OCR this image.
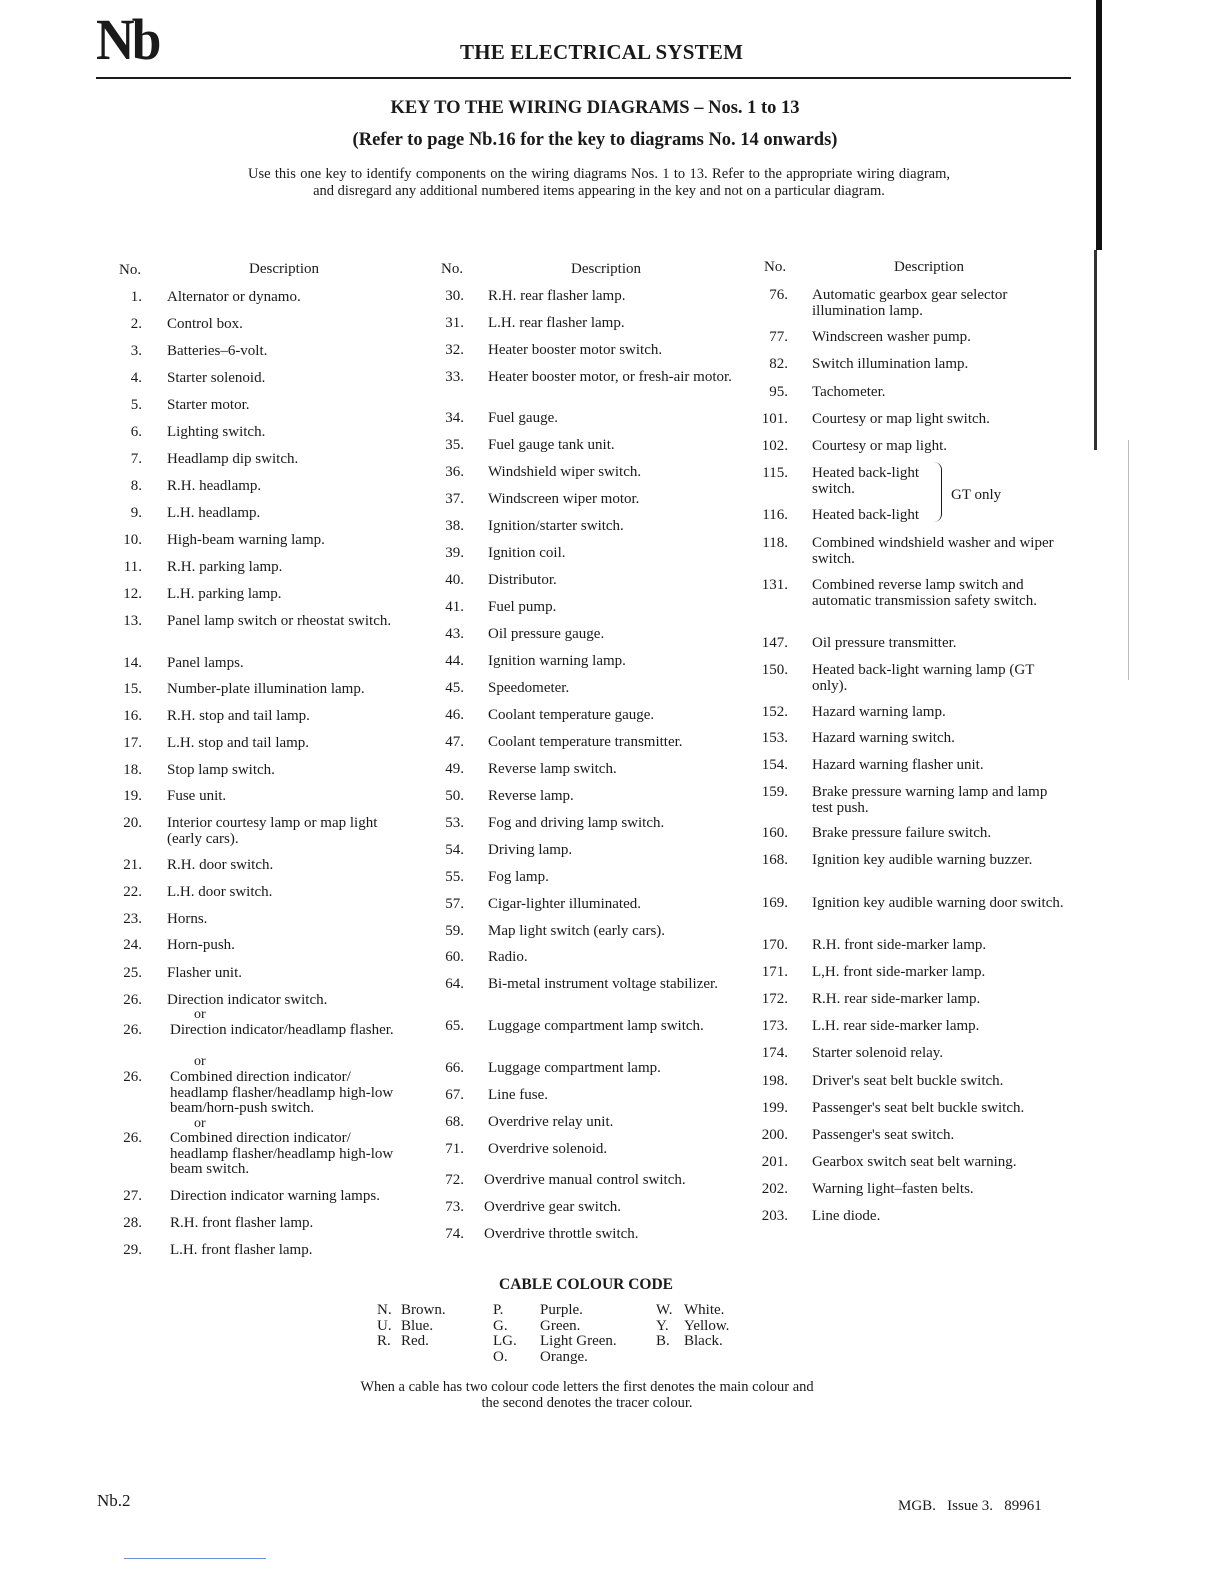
Nb	THE ELECTRICAL SYSTEM
KEY TO THE WIRING DIAGRAMS – Nos. 1 to 13
(Refer to page Nb.16 for the key to diagrams No. 14 onwards)
Use this one key to identify components on the wiring diagrams Nos. 1 to 13. Refer to the appropriate wiring diagram, and disregard any additional numbered items appearing in the key and not on a particular diagram.
No.	Description	No.	Description	No.	Description
1. Alternator or dynamo.
2. Control box.
3. Batteries–6-volt.
4. Starter solenoid.
5. Starter motor.
6. Lighting switch.
7. Headlamp dip switch.
8. R.H. headlamp.
9. L.H. headlamp.
10. High-beam warning lamp.
11. R.H. parking lamp.
12. L.H. parking lamp.
13. Panel lamp switch or rheostat switch.
14. Panel lamps.
15. Number-plate illumination lamp.
16. R.H. stop and tail lamp.
17. L.H. stop and tail lamp.
18. Stop lamp switch.
19. Fuse unit.
20. Interior courtesy lamp or map light (early cars).
21. R.H. door switch.
22. L.H. door switch.
23. Horns.
24. Horn-push.
25. Flasher unit.
26. Direction indicator switch.
26. Direction indicator/headlamp flasher.
26. Combined direction indicator/ headlamp flasher/headlamp high-low beam/horn-push switch.
26. Combined direction indicator/ headlamp flasher/headlamp high-low beam switch.
27. Direction indicator warning lamps.
28. R.H. front flasher lamp.
29. L.H. front flasher lamp.
30. R.H. rear flasher lamp.
31. L.H. rear flasher lamp.
32. Heater booster motor switch.
33. Heater booster motor, or fresh-air motor.
34. Fuel gauge.
35. Fuel gauge tank unit.
36. Windshield wiper switch.
37. Windscreen wiper motor.
38. Ignition/starter switch.
39. Ignition coil.
40. Distributor.
41. Fuel pump.
43. Oil pressure gauge.
44. Ignition warning lamp.
45. Speedometer.
46. Coolant temperature gauge.
47. Coolant temperature transmitter.
49. Reverse lamp switch.
50. Reverse lamp.
53. Fog and driving lamp switch.
54. Driving lamp.
55. Fog lamp.
57. Cigar-lighter illuminated.
59. Map light switch (early cars).
60. Radio.
64. Bi-metal instrument voltage stabilizer.
65. Luggage compartment lamp switch.
66. Luggage compartment lamp.
67. Line fuse.
68. Overdrive relay unit.
71. Overdrive solenoid.
72. Overdrive manual control switch.
73. Overdrive gear switch.
74. Overdrive throttle switch.
76. Automatic gearbox gear selector illumination lamp.
77. Windscreen washer pump.
82. Switch illumination lamp.
95. Tachometer.
101. Courtesy or map light switch.
102. Courtesy or map light.
115. Heated back-light switch.
116. Heated back-light
118. Combined windshield washer and wiper switch.
131. Combined reverse lamp switch and automatic transmission safety switch.
147. Oil pressure transmitter.
150. Heated back-light warning lamp (GT only).
152. Hazard warning lamp.
153. Hazard warning switch.
154. Hazard warning flasher unit.
159. Brake pressure warning lamp and lamp test push.
160. Brake pressure failure switch.
168. Ignition key audible warning buzzer.
169. Ignition key audible warning door switch.
170. R.H. front side-marker lamp.
171. L,H. front side-marker lamp.
172. R.H. rear side-marker lamp.
173. L.H. rear side-marker lamp.
174. Starter solenoid relay.
198. Driver's seat belt buckle switch.
199. Passenger's seat belt buckle switch.
200. Passenger's seat switch.
201. Gearbox switch seat belt warning.
202. Warning light–fasten belts.
203. Line diode.
or
or
or
GT only
CABLE COLOUR CODE
N. Brown.
U. Blue.
R. Red.
P. Purple.
G. Green.
LG. Light Green.
O. Orange.
W. White.
Y. Yellow.
B. Black.
When a cable has two colour code letters the first denotes the main colour and the second denotes the tracer colour.
Nb.2	MGB.   Issue 3.   89961
